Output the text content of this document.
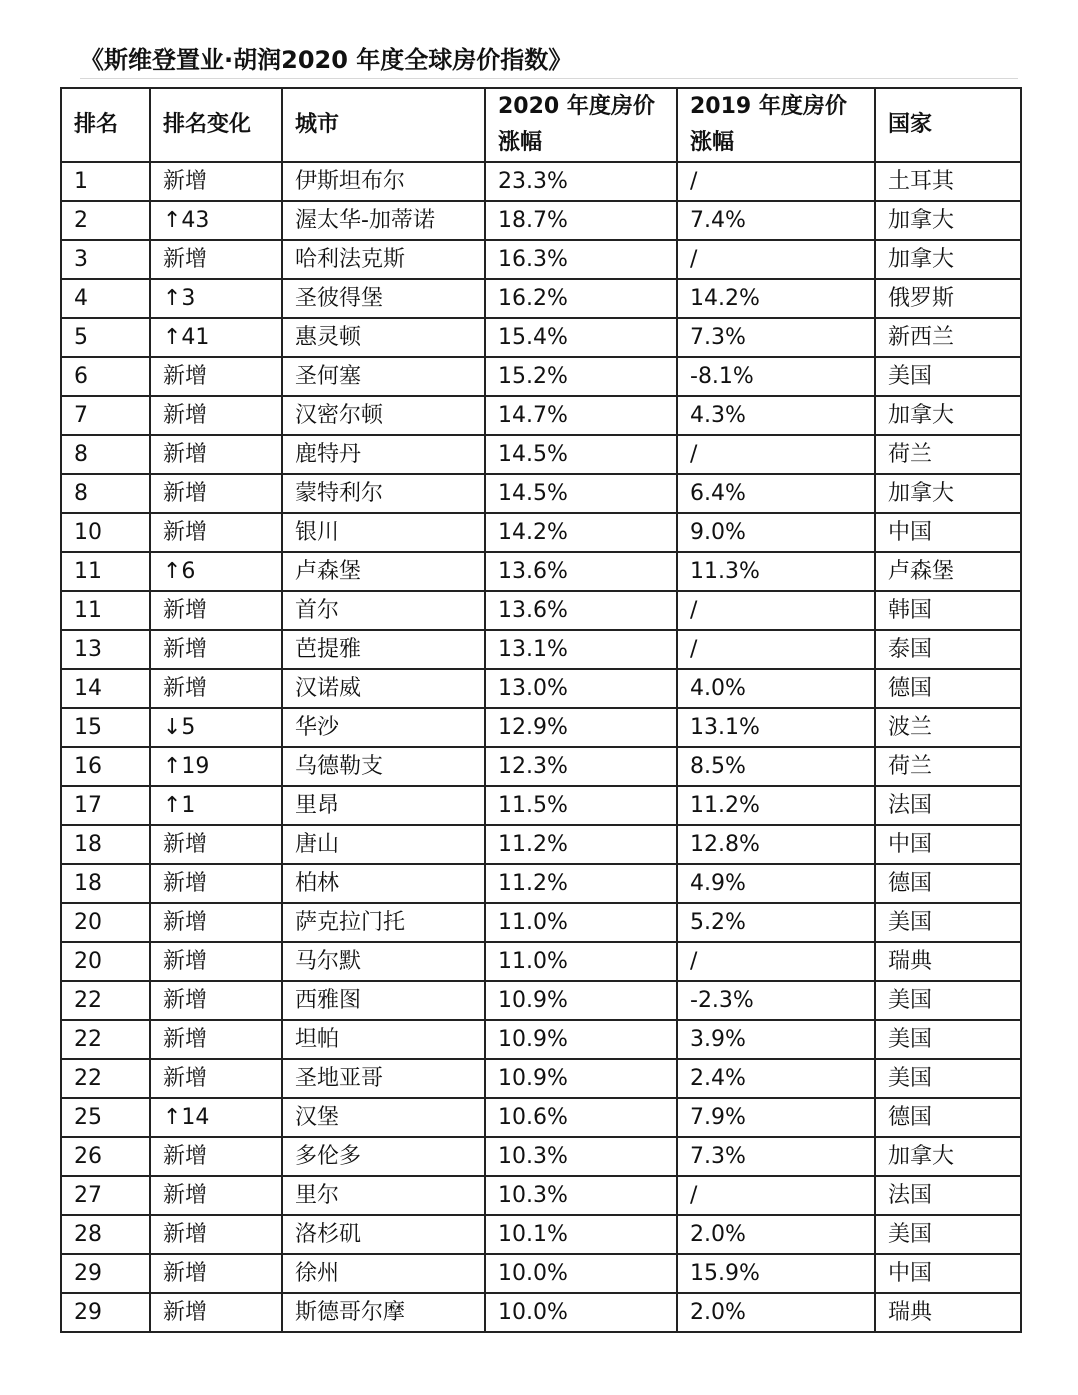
《斯维登置业·胡润2020 年度全球房价指数》
排名	排名变化	城市	2020 年度房价涨幅	2019 年度房价涨幅	国家
1	新增	伊斯坦布尔	23.3%	/	土耳其
2	↑43	渥太华-加蒂诺	18.7%	7.4%	加拿大
3	新增	哈利法克斯	16.3%	/	加拿大
4	↑3	圣彼得堡	16.2%	14.2%	俄罗斯
5	↑41	惠灵顿	15.4%	7.3%	新西兰
6	新增	圣何塞	15.2%	-8.1%	美国
7	新增	汉密尔顿	14.7%	4.3%	加拿大
8	新增	鹿特丹	14.5%	/	荷兰
8	新增	蒙特利尔	14.5%	6.4%	加拿大
10	新增	银川	14.2%	9.0%	中国
11	↑6	卢森堡	13.6%	11.3%	卢森堡
11	新增	首尔	13.6%	/	韩国
13	新增	芭提雅	13.1%	/	泰国
14	新增	汉诺威	13.0%	4.0%	德国
15	↓5	华沙	12.9%	13.1%	波兰
16	↑19	乌德勒支	12.3%	8.5%	荷兰
17	↑1	里昂	11.5%	11.2%	法国
18	新增	唐山	11.2%	12.8%	中国
18	新增	柏林	11.2%	4.9%	德国
20	新增	萨克拉门托	11.0%	5.2%	美国
20	新增	马尔默	11.0%	/	瑞典
22	新增	西雅图	10.9%	-2.3%	美国
22	新增	坦帕	10.9%	3.9%	美国
22	新增	圣地亚哥	10.9%	2.4%	美国
25	↑14	汉堡	10.6%	7.9%	德国
26	新增	多伦多	10.3%	7.3%	加拿大
27	新增	里尔	10.3%	/	法国
28	新增	洛杉矶	10.1%	2.0%	美国
29	新增	徐州	10.0%	15.9%	中国
29	新增	斯德哥尔摩	10.0%	2.0%	瑞典
